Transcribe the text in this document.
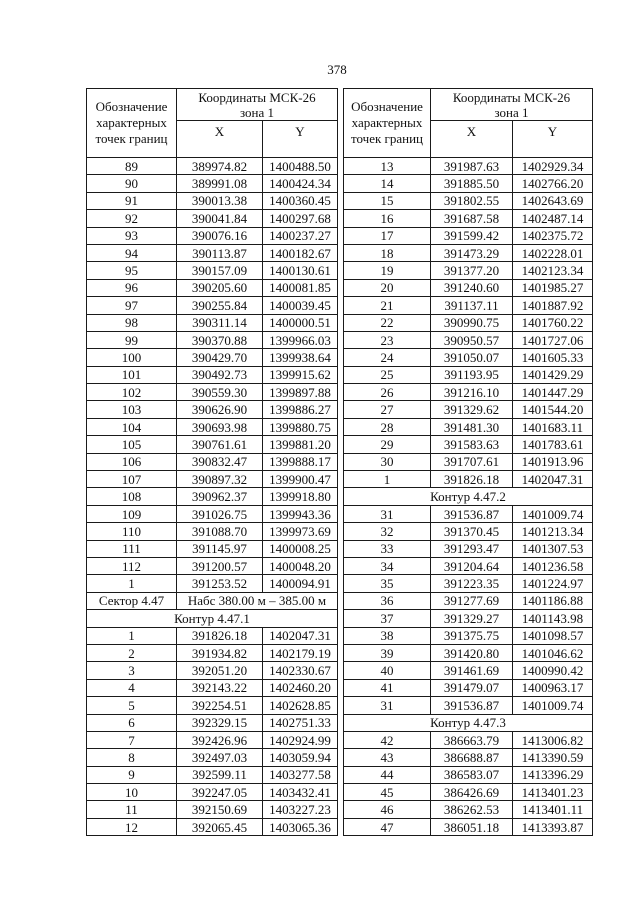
378
Обозначение
характерных
точек границ	Координаты МСК-26
зона 1	
	X	Y
89	389974.82	1400488.50
90	389991.08	1400424.34
91	390013.38	1400360.45
92	390041.84	1400297.68
93	390076.16	1400237.27
94	390113.87	1400182.67
95	390157.09	1400130.61
96	390205.60	1400081.85
97	390255.84	1400039.45
98	390311.14	1400000.51
99	390370.88	1399966.03
100	390429.70	1399938.64
101	390492.73	1399915.62
102	390559.30	1399897.88
103	390626.90	1399886.27
104	390693.98	1399880.75
105	390761.61	1399881.20
106	390832.47	1399888.17
107	390897.32	1399900.47
108	390962.37	1399918.80
109	391026.75	1399943.36
110	391088.70	1399973.69
111	391145.97	1400008.25
112	391200.57	1400048.20
1	391253.52	1400094.91
Сектор 4.47	Набс 380.00 м – 385.00 м	
Контур 4.47.1		
1	391826.18	1402047.31
2	391934.82	1402179.19
3	392051.20	1402330.67
4	392143.22	1402460.20
5	392254.51	1402628.85
6	392329.15	1402751.33
7	392426.96	1402924.99
8	392497.03	1403059.94
9	392599.11	1403277.58
10	392247.05	1403432.41
11	392150.69	1403227.23
12	392065.45	1403065.36
Обозначение
характерных
точек границ	Координаты МСК-26
зона 1	
	X	Y
13	391987.63	1402929.34
14	391885.50	1402766.20
15	391802.55	1402643.69
16	391687.58	1402487.14
17	391599.42	1402375.72
18	391473.29	1402228.01
19	391377.20	1402123.34
20	391240.60	1401985.27
21	391137.11	1401887.92
22	390990.75	1401760.22
23	390950.57	1401727.06
24	391050.07	1401605.33
25	391193.95	1401429.29
26	391216.10	1401447.29
27	391329.62	1401544.20
28	391481.30	1401683.11
29	391583.63	1401783.61
30	391707.61	1401913.96
1	391826.18	1402047.31
Контур 4.47.2		
31	391536.87	1401009.74
32	391370.45	1401213.34
33	391293.47	1401307.53
34	391204.64	1401236.58
35	391223.35	1401224.97
36	391277.69	1401186.88
37	391329.27	1401143.98
38	391375.75	1401098.57
39	391420.80	1401046.62
40	391461.69	1400990.42
41	391479.07	1400963.17
31	391536.87	1401009.74
Контур 4.47.3		
42	386663.79	1413006.82
43	386688.87	1413390.59
44	386583.07	1413396.29
45	386426.69	1413401.23
46	386262.53	1413401.11
47	386051.18	1413393.87
